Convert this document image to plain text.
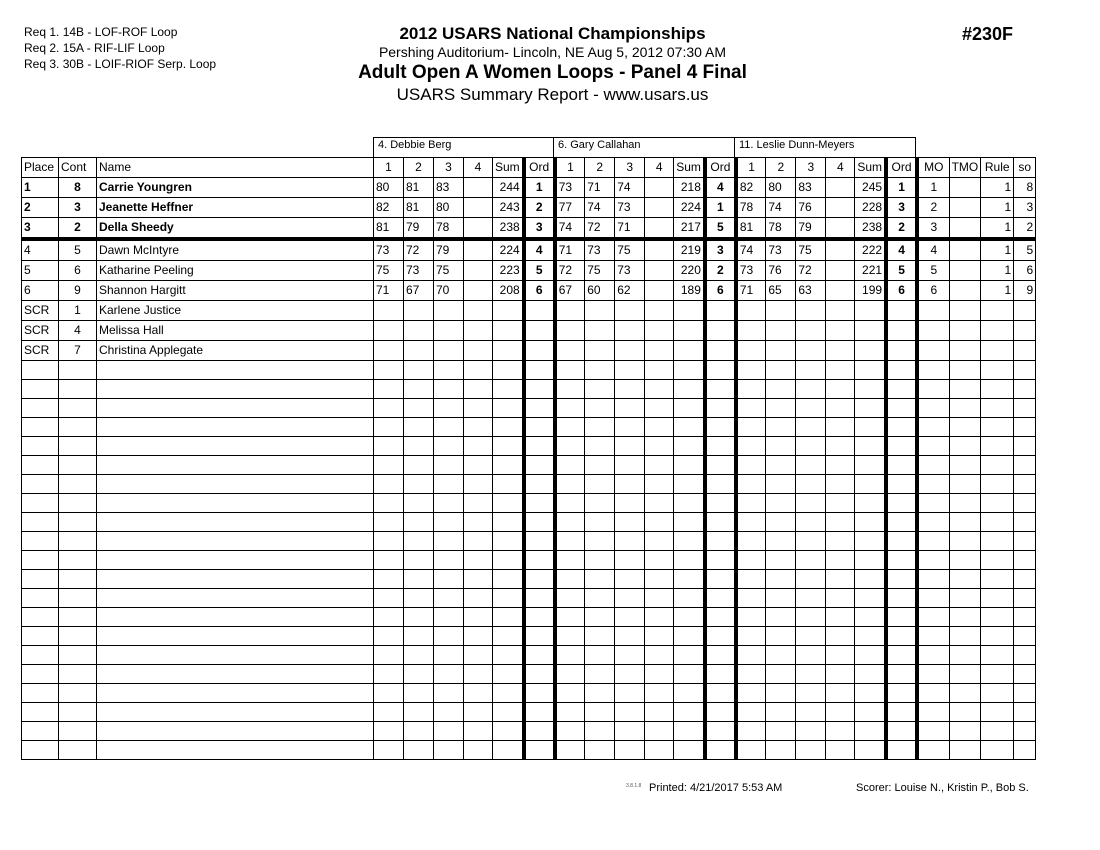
Req 1. 14B - LOF-ROF Loop
Req 2. 15A - RIF-LIF Loop
Req 3. 30B - LOIF-RIOF Serp. Loop
2012 USARS National Championships
Pershing Auditorium- Lincoln, NE Aug 5, 2012 07:30 AM
Adult Open A Women Loops - Panel 4 Final
USARS Summary Report - www.usars.us
#230F
4. Debbie Berg	6. Gary Callahan	11. Leslie Dunn-Meyers
Place	Cont	Name	1	2	3	4	Sum	Ord	1	2	3	4	Sum	Ord	1	2	3	4	Sum	Ord	MO	TMO	Rule	so
1	8	Carrie Youngren	80	81	83		244	1	73	71	74		218	4	82	80	83		245	1	1		1	8
2	3	Jeanette Heffner	82	81	80		243	2	77	74	73		224	1	78	74	76		228	3	2		1	3
3	2	Della Sheedy	81	79	78		238	3	74	72	71		217	5	81	78	79		238	2	3		1	2
4	5	Dawn McIntyre	73	72	79		224	4	71	73	75		219	3	74	73	75		222	4	4		1	5
5	6	Katharine Peeling	75	73	75		223	5	72	75	73		220	2	73	76	72		221	5	5		1	6
6	9	Shannon Hargitt	71	67	70		208	6	67	60	62		189	6	71	65	63		199	6	6		1	9
SCR	1	Karlene Justice																						
SCR	4	Melissa Hall																						
SCR	7	Christina Applegate																						

3.8.1.8 Printed: 4/21/2017 5:53 AM	Scorer: Louise N., Kristin P., Bob S.
